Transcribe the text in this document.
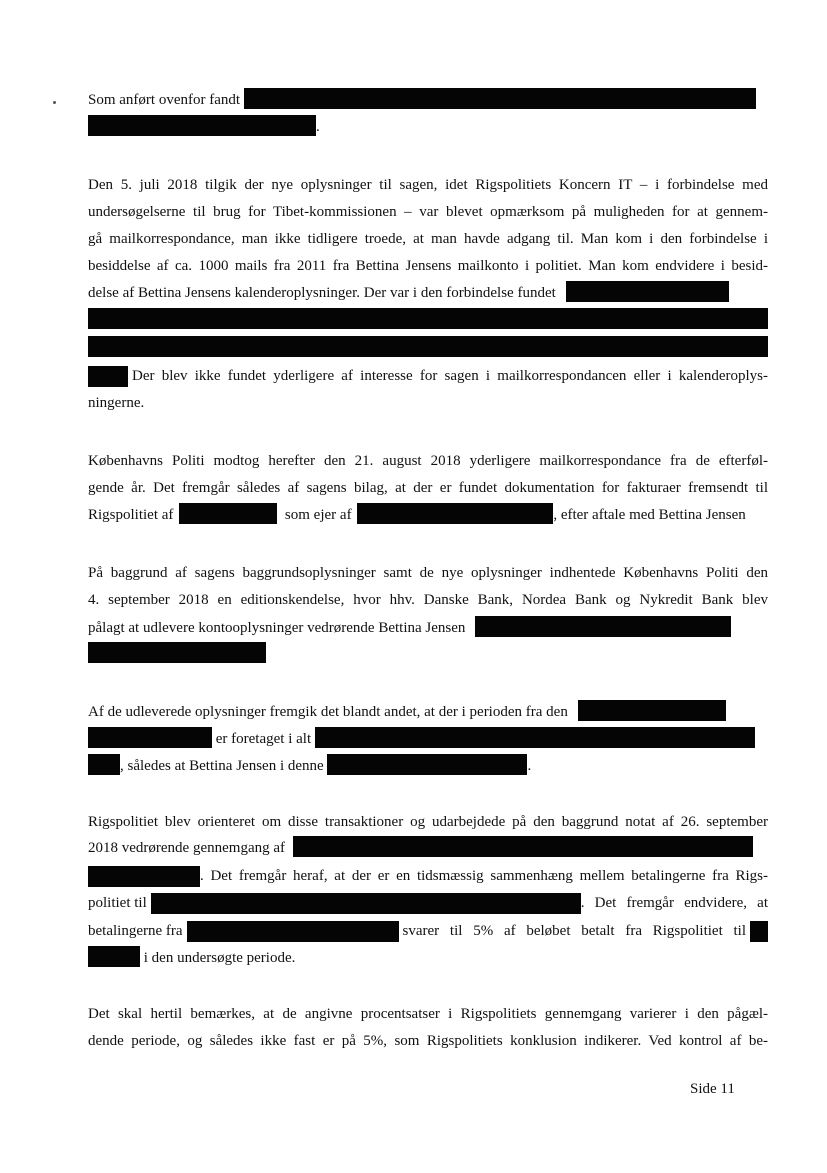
Som anført ovenfor fandt
.
Den 5. juli 2018 tilgik der nye oplysninger til sagen, idet Rigspolitiets Koncern IT – i forbindelse med
undersøgelserne til brug for Tibet-kommissionen – var blevet opmærksom på muligheden for at gennem-
gå mailkorrespondance, man ikke tidligere troede, at man havde adgang til. Man kom i den forbindelse i
besiddelse af ca. 1000 mails fra 2011 fra Bettina Jensens mailkonto i politiet. Man kom endvidere i besid-
delse af Bettina Jensens kalenderoplysninger. Der var i den forbindelse fundet
Der blev ikke fundet yderligere af interesse for sagen i mailkorrespondancen eller i kalenderoplys-
ningerne.
Københavns Politi modtog herefter den 21. august 2018 yderligere mailkorrespondance fra de efterføl-
gende år. Det fremgår således af sagens bilag, at der er fundet dokumentation for fakturaer fremsendt til
Rigspolitiet af	som ejer af	, efter aftale med Bettina Jensen
På baggrund af sagens baggrundsoplysninger samt de nye oplysninger indhentede Københavns Politi den
4. september 2018 en editionskendelse, hvor hhv. Danske Bank, Nordea Bank og Nykredit Bank blev
pålagt at udlevere kontooplysninger vedrørende Bettina Jensen
Af de udleverede oplysninger fremgik det blandt andet, at der i perioden fra den
er foretaget i alt
, således at Bettina Jensen i denne	.
Rigspolitiet blev orienteret om disse transaktioner og udarbejdede på den baggrund notat af 26. september
2018 vedrørende gennemgang af
. Det fremgår heraf, at der er en tidsmæssig sammenhæng mellem betalingerne fra Rigs-
politiet til	. Det fremgår endvidere, at
betalingerne fra	svarer til 5% af beløbet betalt fra Rigspolitiet til
i den undersøgte periode.
Det skal hertil bemærkes, at de angivne procentsatser i Rigspolitiets gennemgang varierer i den pågæl-
dende periode, og således ikke fast er på 5%, som Rigspolitiets konklusion indikerer. Ved kontrol af be-
Side 11
